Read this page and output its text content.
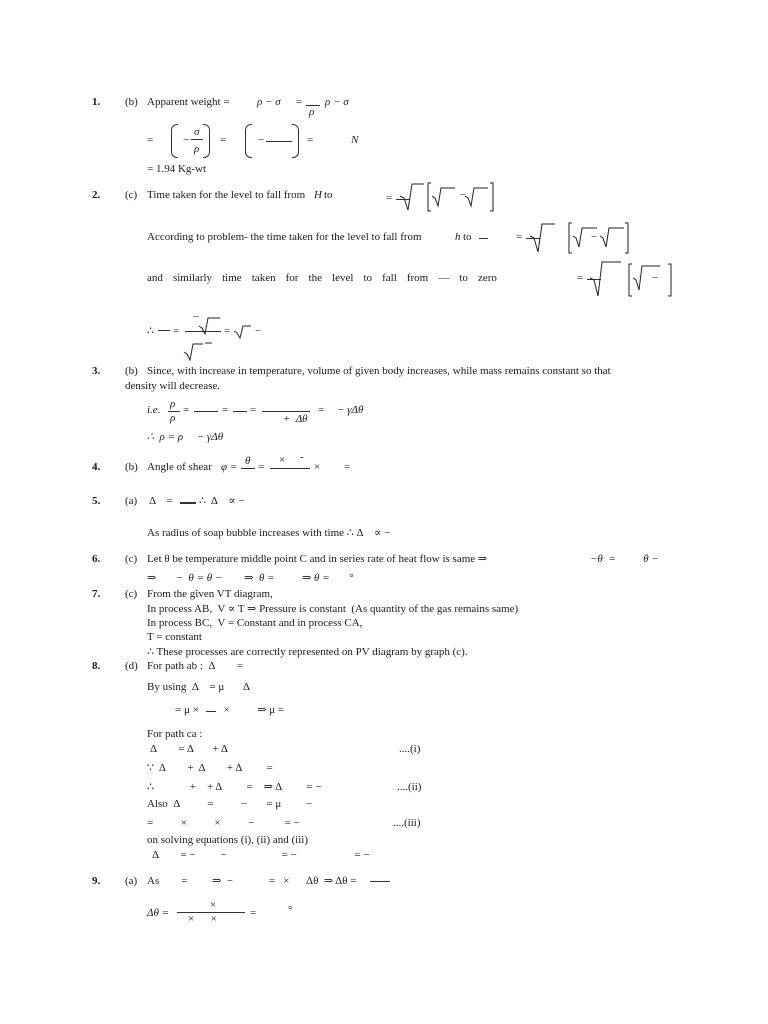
1. (b) Apparent weight = ρ − σ =
ρ
ρ − σ
=	−
σ
ρ
=	−	=	N
= 1.94 Kg-wt
2. (c) Time taken for the level to fall from H to	=	−
According to problem- the time taken for the level to fall from	h to	=	−
and similarly time taken for the level to fall from — to zero	=	−
∴ =
−
= −
3. (b) Since, with increase in temperature, volume of given body increases, while mass remains constant so that
density will decrease.
i.e. ρ
ρ
=	= =
+  Δθ
= − γΔθ
∴  ρ = ρ     − γΔθ
4. (b) Angle of shear φ = θ =
× -
× =
5. (a) Δ    = ∴  Δ    ∝ −
As radius of soap bubble increases with time ∴ Δ    ∝ −
6. (c) Let θ be temperature middle point C and in series rate of heat flow is same ⇒	−θ  =          θ −
⇒       −  θ = θ −        ⇒  θ =          ⇒ θ =       °
7. (c) From the given VT diagram,
In process AB,  V ∝ T ⇒ Pressure is constant  (As quantity of the gas remains same)
In process BC,  V = Constant and in process CA,
T = constant
∴ These processes are correctly represented on PV diagram by graph (c).
8. (d) For path ab :  Δ        =
By using  Δ    = μ       Δ
= μ ×         ×          ⇒ μ =
For path ca :
Δ        = Δ       + Δ	....(i)
∵  Δ        +  Δ        + Δ         =
∴             +    + Δ         =    ⇒ Δ         = −	....(ii)
Also  Δ          =          −       = μ         −
=          ×          ×          −           = −	....(iii)
on solving equations (i), (ii) and (iii)
Δ        = −         −                    = −                     = −
9. (a) As        =         ⇒  −             =   ×      Δθ  ⇒ Δθ =
Δθ =
×
×      ×	=	°
